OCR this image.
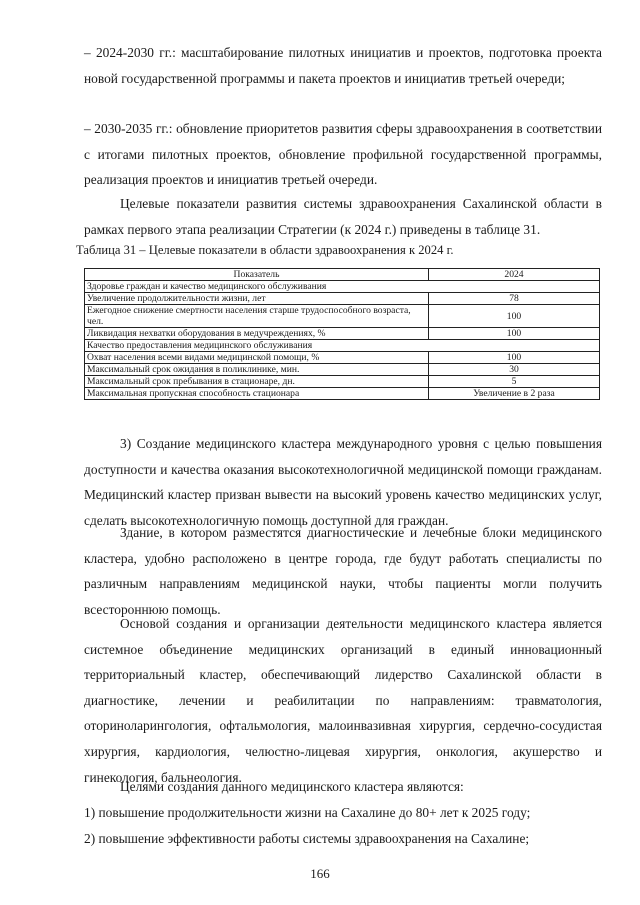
– 2024-2030 гг.: масштабирование пилотных инициатив и проектов, подготовка проекта новой государственной программы и пакета проектов и инициатив третьей очереди;

– 2030-2035 гг.: обновление приоритетов развития сферы здравоохранения в соответствии с итогами пилотных проектов, обновление профильной государственной программы, реализация проектов и инициатив третьей очереди.

Целевые показатели развития системы здравоохранения Сахалинской области в рамках первого этапа реализации Стратегии (к 2024 г.) приведены в таблице 31.

Таблица 31 – Целевые показатели в области здравоохранения к 2024 г.
Показатель	2024
Здоровье граждан и качество медицинского обслуживания	
Увеличение продолжительности жизни, лет	78
Ежегодное снижение смертности населения старше трудоспособного возраста, чел.	100
Ликвидация нехватки оборудования в медучреждениях, %	100
Качество предоставления медицинского обслуживания	
Охват населения всеми видами медицинской помощи, %	100
Максимальный срок ожидания в поликлинике, мин.	30
Максимальный срок пребывания в стационаре, дн.	5
Максимальная пропускная способность стационара	Увеличение в 2 раза

3) Создание медицинского кластера международного уровня с целью повышения доступности и качества оказания высокотехнологичной медицинской помощи гражданам. Медицинский кластер призван вывести на высокий уровень качество медицинских услуг, сделать высокотехнологичную помощь доступной для граждан.

Здание, в котором разместятся диагностические и лечебные блоки медицинского кластера, удобно расположено в центре города, где будут работать специалисты по различным направлениям медицинской науки, чтобы пациенты могли получить всестороннюю помощь.

Основой создания и организации деятельности медицинского кластера является системное объединение медицинских организаций в единый инновационный территориальный кластер, обеспечивающий лидерство Сахалинской области в диагностике, лечении и реабилитации по направлениям: травматология, оториноларингология, офтальмология, малоинвазивная хирургия, сердечно-сосудистая хирургия, кардиология, челюстно-лицевая хирургия, онкология, акушерство и гинекология, бальнеология.

Целями создания данного медицинского кластера являются:

1) повышение продолжительности жизни на Сахалине до 80+ лет к 2025 году;

2) повышение эффективности работы системы здравоохранения на Сахалине;

166
